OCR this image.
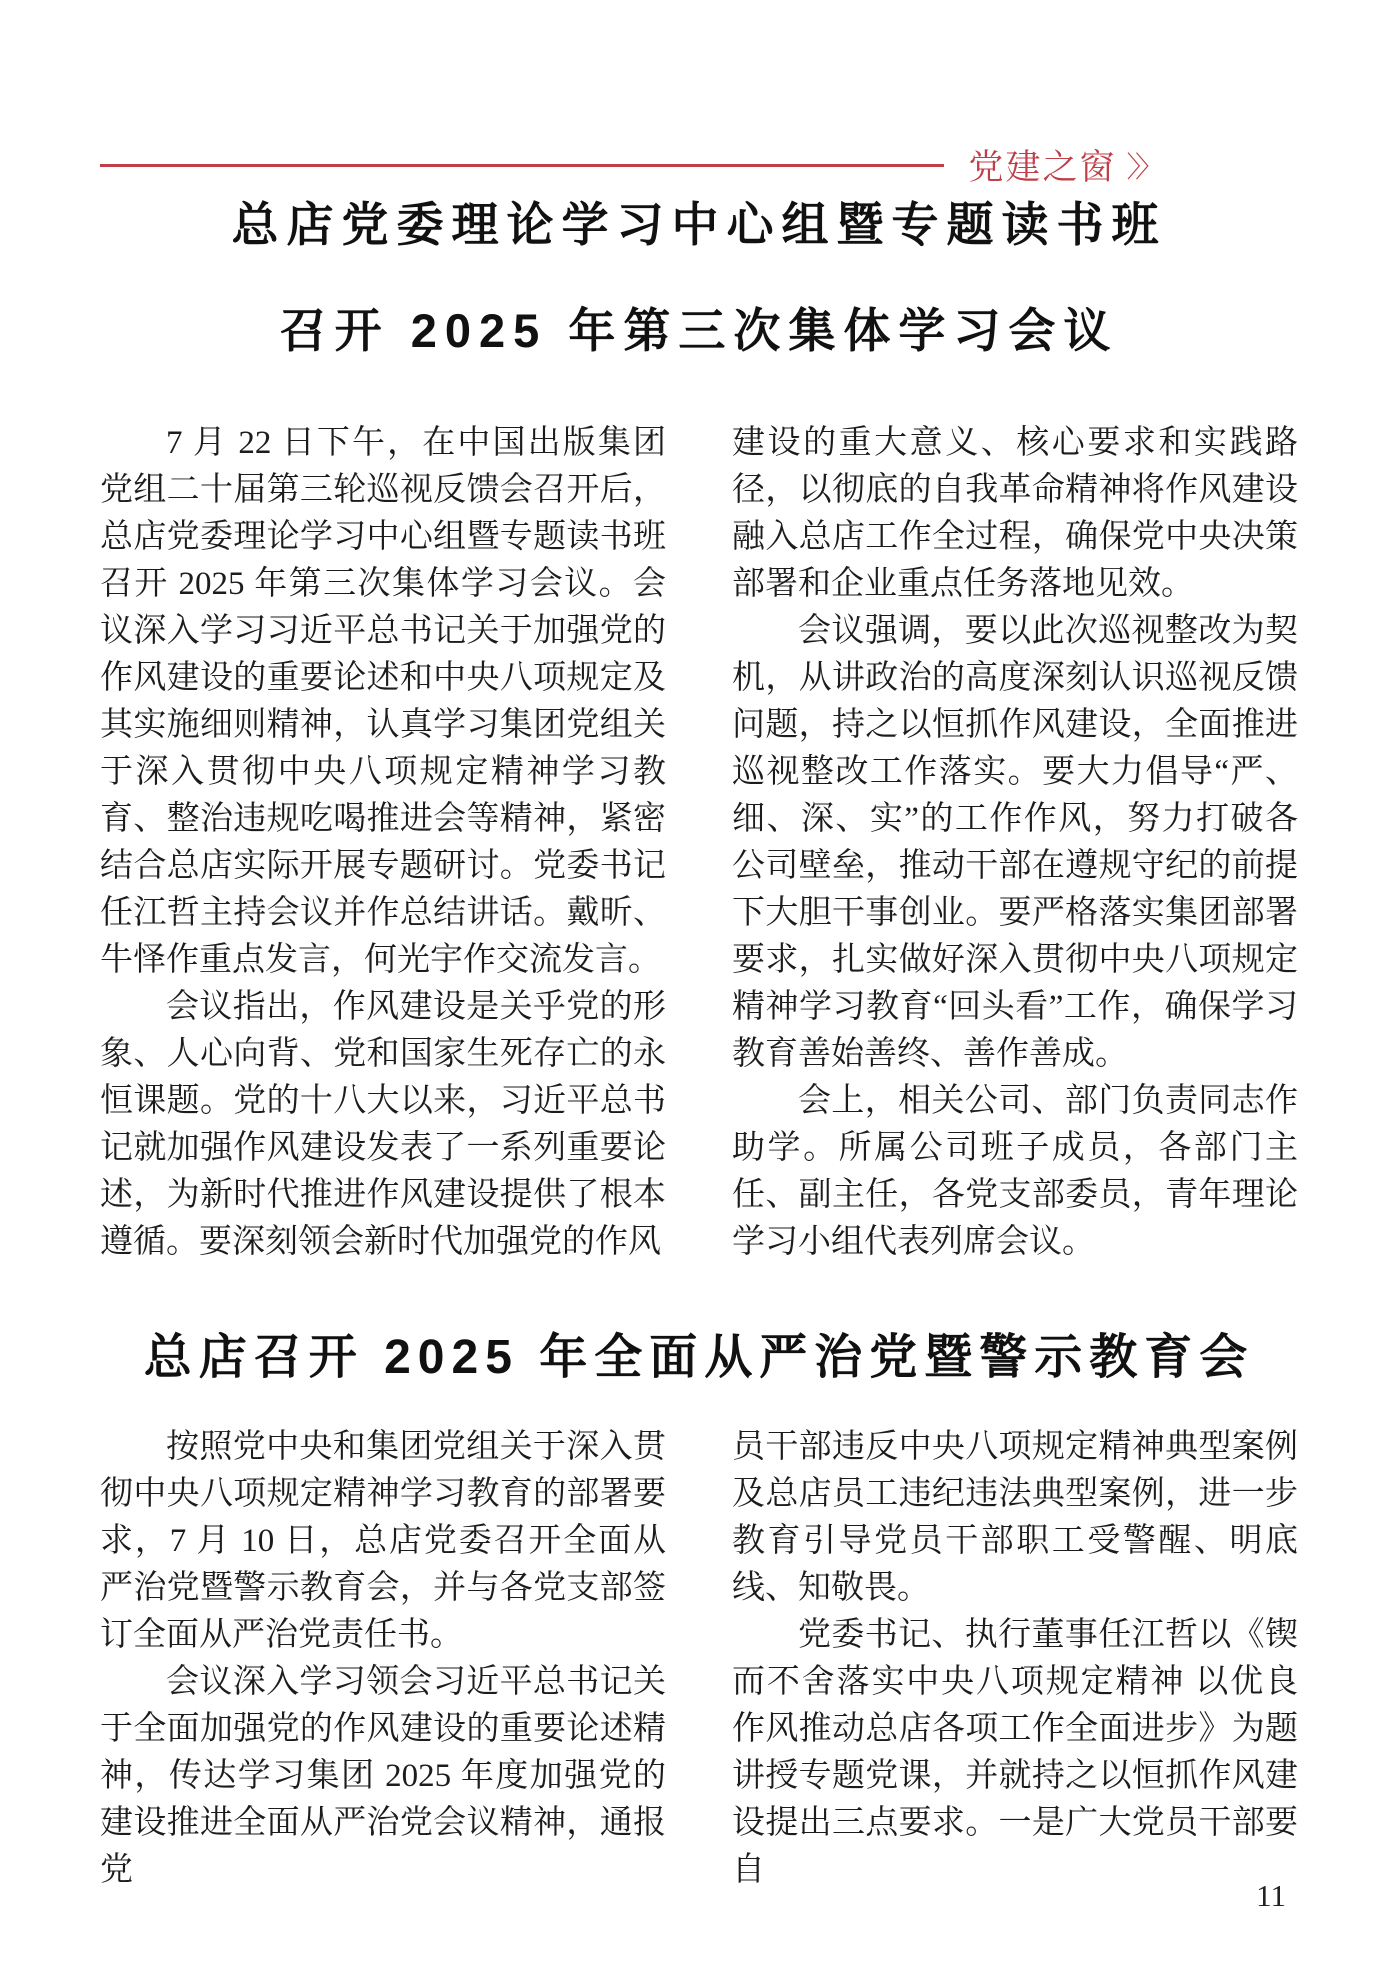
党建之窗 〉〉
总店党委理论学习中心组暨专题读书班
召开 2025 年第三次集体学习会议

7 月 22 日下午，在中国出版集团党组二十届第三轮巡视反馈会召开后，总店党委理论学习中心组暨专题读书班召开 2025 年第三次集体学习会议。会议深入学习习近平总书记关于加强党的作风建设的重要论述和中央八项规定及其实施细则精神，认真学习集团党组关于深入贯彻中央八项规定精神学习教育、整治违规吃喝推进会等精神，紧密结合总店实际开展专题研讨。党委书记任江哲主持会议并作总结讲话。戴昕、牛怿作重点发言，何光宇作交流发言。

会议指出，作风建设是关乎党的形象、人心向背、党和国家生死存亡的永恒课题。党的十八大以来，习近平总书记就加强作风建设发表了一系列重要论述，为新时代推进作风建设提供了根本遵循。要深刻领会新时代加强党的作风

建设的重大意义、核心要求和实践路径，以彻底的自我革命精神将作风建设融入总店工作全过程，确保党中央决策部署和企业重点任务落地见效。

会议强调，要以此次巡视整改为契机，从讲政治的高度深刻认识巡视反馈问题，持之以恒抓作风建设，全面推进巡视整改工作落实。要大力倡导“严、细、深、实”的工作作风，努力打破各公司壁垒，推动干部在遵规守纪的前提下大胆干事创业。要严格落实集团部署要求，扎实做好深入贯彻中央八项规定精神学习教育“回头看”工作，确保学习教育善始善终、善作善成。

会上，相关公司、部门负责同志作助学。所属公司班子成员，各部门主任、副主任，各党支部委员，青年理论学习小组代表列席会议。

总店召开 2025 年全面从严治党暨警示教育会

按照党中央和集团党组关于深入贯彻中央八项规定精神学习教育的部署要求，7 月 10 日，总店党委召开全面从严治党暨警示教育会，并与各党支部签订全面从严治党责任书。

会议深入学习领会习近平总书记关于全面加强党的作风建设的重要论述精神，传达学习集团 2025 年度加强党的建设推进全面从严治党会议精神，通报党

员干部违反中央八项规定精神典型案例及总店员工违纪违法典型案例，进一步教育引导党员干部职工受警醒、明底线、知敬畏。

党委书记、执行董事任江哲以《锲而不舍落实中央八项规定精神 以优良作风推动总店各项工作全面进步》为题讲授专题党课，并就持之以恒抓作风建设提出三点要求。一是广大党员干部要自

11
